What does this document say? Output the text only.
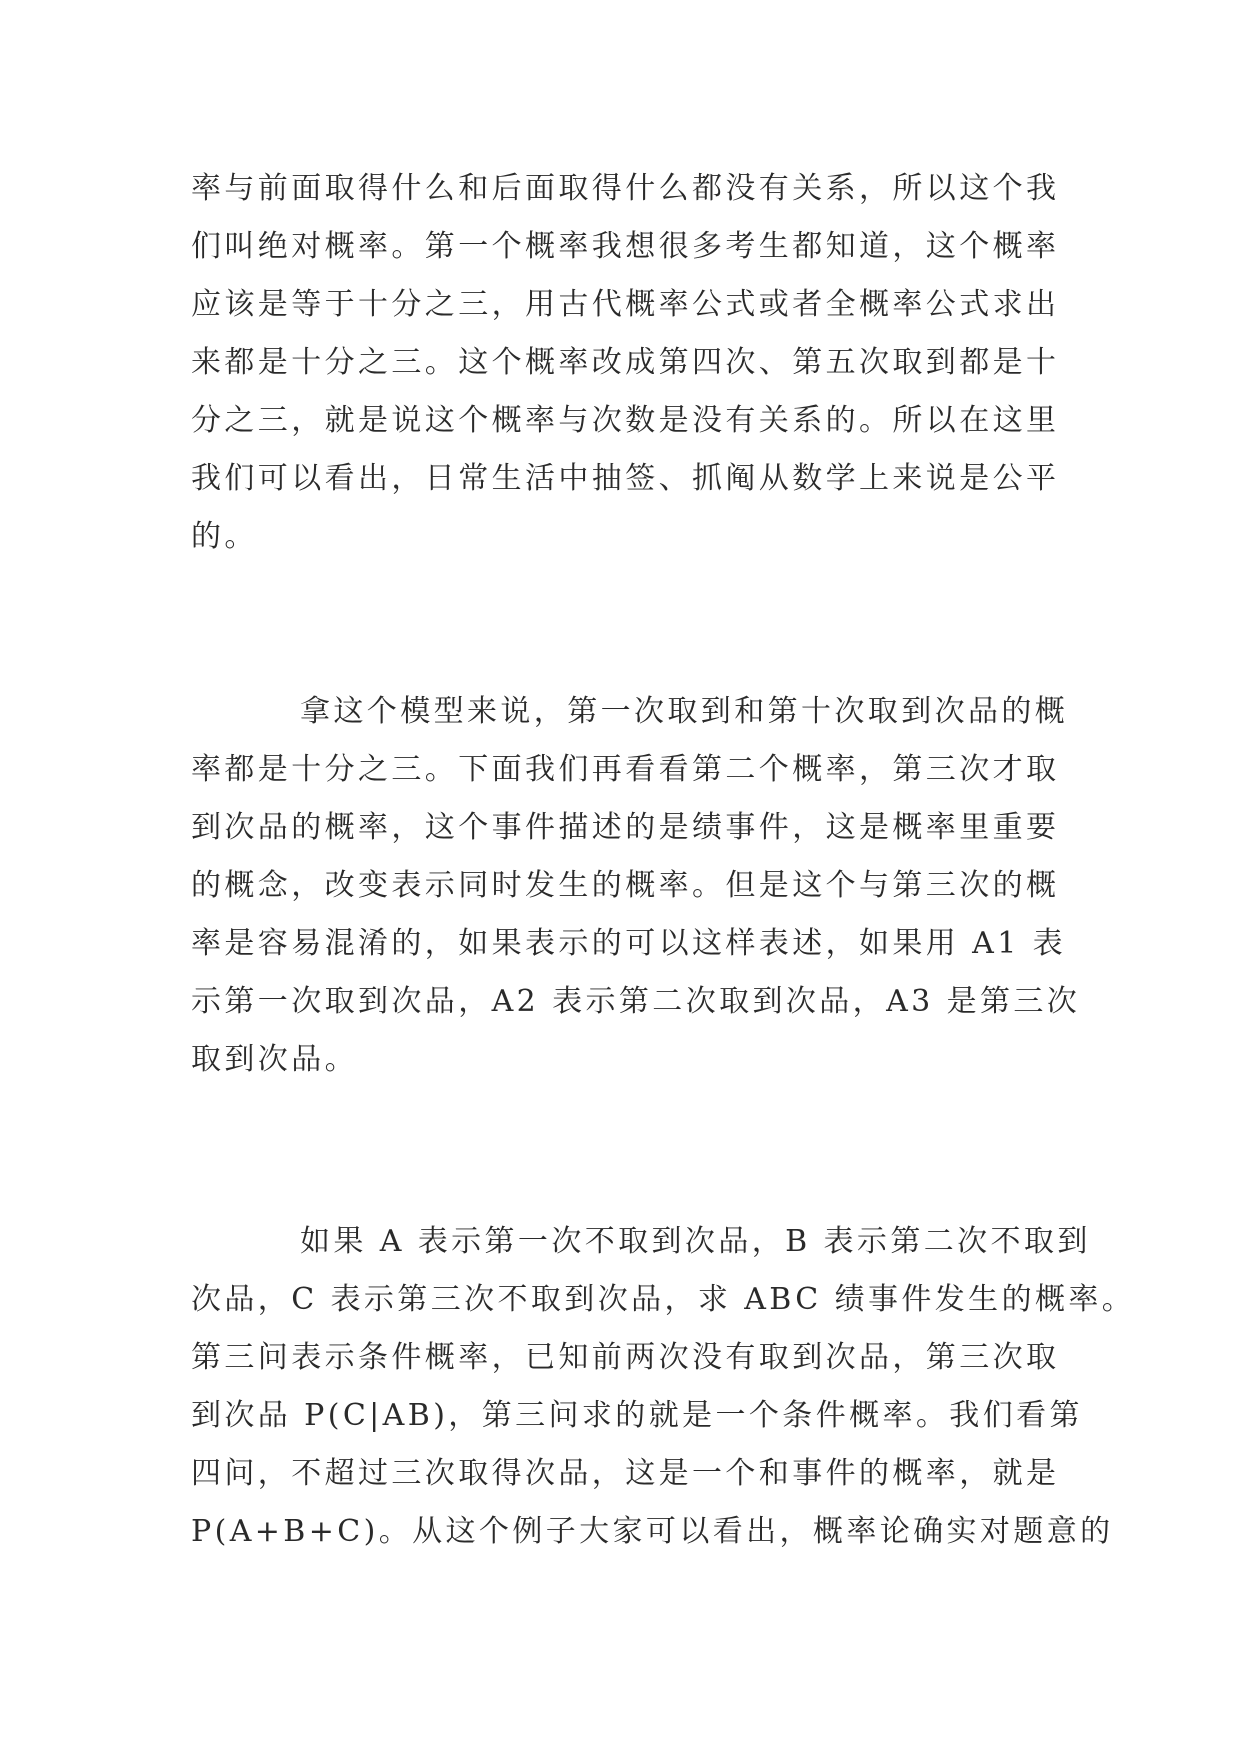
率与前面取得什么和后面取得什么都没有关系，所以这个我
们叫绝对概率。第一个概率我想很多考生都知道，这个概率
应该是等于十分之三，用古代概率公式或者全概率公式求出
来都是十分之三。这个概率改成第四次、第五次取到都是十
分之三，就是说这个概率与次数是没有关系的。所以在这里
我们可以看出，日常生活中抽签、抓阄从数学上来说是公平
的。
拿这个模型来说，第一次取到和第十次取到次品的概
率都是十分之三。下面我们再看看第二个概率，第三次才取
到次品的概率，这个事件描述的是绩事件，这是概率里重要
的概念，改变表示同时发生的概率。但是这个与第三次的概
率是容易混淆的，如果表示的可以这样表述，如果用 A1 表
示第一次取到次品，A2 表示第二次取到次品，A3 是第三次
取到次品。
如果 A 表示第一次不取到次品，B 表示第二次不取到
次品，C 表示第三次不取到次品，求 ABC 绩事件发生的概率。
第三问表示条件概率，已知前两次没有取到次品，第三次取
到次品 P(C|AB)，第三问求的就是一个条件概率。我们看第
四问，不超过三次取得次品，这是一个和事件的概率，就是
P(A+B+C)。从这个例子大家可以看出，概率论确实对题意的
